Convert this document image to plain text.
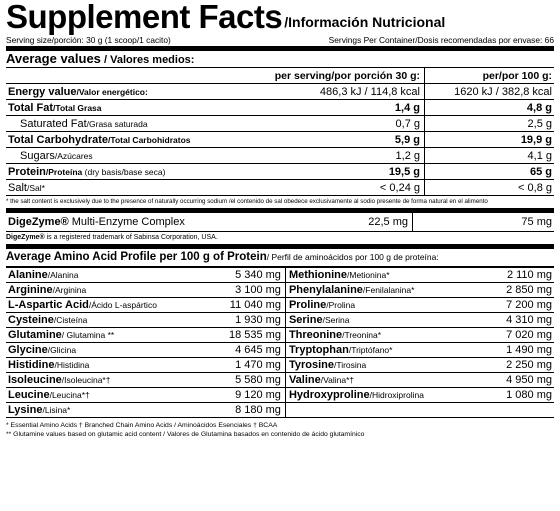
Supplement Facts /Información Nutricional
Serving size/porción: 30 g (1 scoop/1 cacito)	Servings Per Container/Dosis recomendadas por envase: 66
Average values / Valores medios:
	per serving/por porción 30 g:	per/por 100 g:
Energy value/Valor energético:	486,3 kJ / 114,8 kcal	1620 kJ / 382,8 kcal
Total Fat/Total Grasa	1,4 g	4,8 g
Saturated Fat/Grasa saturada	0,7 g	2,5 g
Total Carbohydrate/Total Carbohidratos	5,9 g	19,9 g
Sugars/Azúcares	1,2 g	4,1 g
Protein/Proteína (dry basis/base seca)	19,5 g	65 g
Salt/Sal*	< 0,24 g	< 0,8 g
* the salt content is exclusively due to the presence of naturally occurring sodium /el contenido de sal obedece exclusivamente al sodio presente de forma natural en el alimento
DigeZyme® Multi-Enzyme Complex	22,5 mg	75 mg
DigeZyme® is a registered trademark of Sabinsa Corporation, USA.
Average Amino Acid Profile per 100 g of Protein/ Perfil de aminoácidos por 100 g de proteína:
Alanine/Alanina	5 340 mg	Methionine/Metionina*	2 110 mg
Arginine/Arginina	3 100 mg	Phenylalanine/Fenilalanina*	2 850 mg
L-Aspartic Acid/Ácido L-aspártico	11 040 mg	Proline/Prolina	7 200 mg
Cysteine/Cisteína	1 930 mg	Serine/Serina	4 310 mg
Glutamine/ Glutamina **	18 535 mg	Threonine/Treonina*	7 020 mg
Glycine/Glicina	4 645 mg	Tryptophan/Triptófano*	1 490 mg
Histidine/Histidina	1 470 mg	Tyrosine/Tirosina	2 250 mg
Isoleucine/Isoleucina*†	5 580 mg	Valine/Valina*†	4 950 mg
Leucine/Leucina*†	9 120 mg	Hydroxyproline/Hidroxiprolina	1 080 mg
Lysine/Lisina*	8 180 mg		
* Essential Amino Acids † Branched Chain Amino Acids / Aminoácidos Esenciales † BCAA
** Glutamine values based on glutamic acid content / Valores de Glutamina basados en contenido de ácido glutamínico
